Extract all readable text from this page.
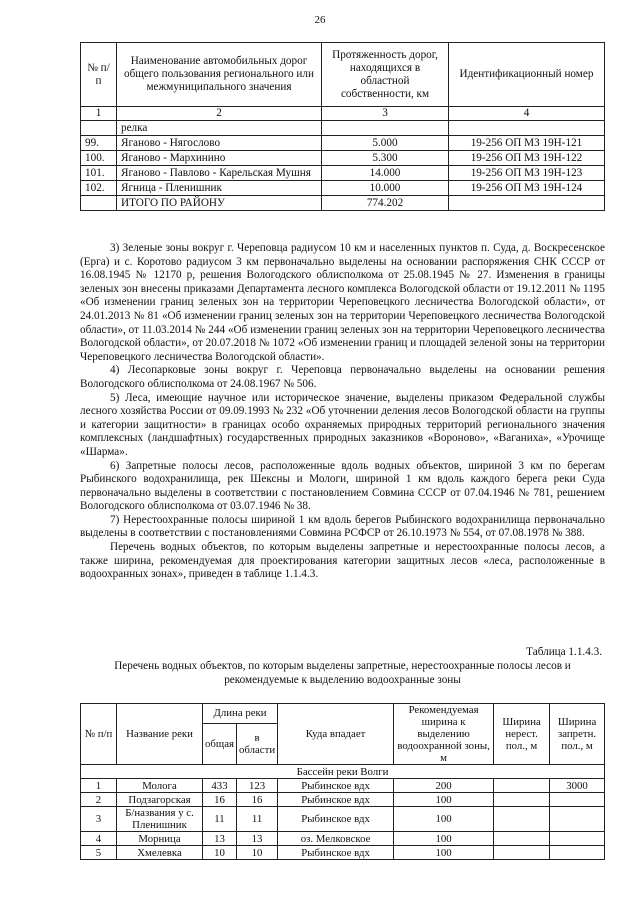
26
№ п/п	Наименование автомобильных дорог общего пользования регионального или межмуниципального значения	Протяженность дорог, находящихся в областной собственности, км	Идентификационный номер
1	2	3	4
	релка		
99.	Яганово - Нягослово	5.000	19-256 ОП МЗ 19Н-121
100.	Яганово - Мархинино	5.300	19-256 ОП МЗ 19Н-122
101.	Яганово - Павлово - Карельская Мушня	14.000	19-256 ОП МЗ 19Н-123
102.	Ягница - Пленишник	10.000	19-256 ОП МЗ 19Н-124
	ИТОГО ПО РАЙОНУ	774.202	

3) Зеленые зоны вокруг г. Череповца радиусом 10 км и населенных пунктов п. Суда, д. Воскресенское (Ерга) и с. Коротово радиусом 3 км первоначально выделены на основании распоряжения СНК СССР от 16.08.1945 № 12170 р, решения Вологодского облисполкома от 25.08.1945 № 27. Изменения в границы зеленых зон внесены приказами Департамента лесного комплекса Вологодской области от 19.12.2011 № 1195 «Об изменении границ зеленых зон на территории Череповецкого лесничества Вологодской области», от 24.01.2013 № 81 «Об изменении границ зеленых зон на территории Череповецкого лесничества Вологодской области», от 11.03.2014 № 244 «Об изменении границ зеленых зон на территории Череповецкого лесничества Вологодской области», от 20.07.2018 № 1072 «Об изменении границ и площадей зеленой зоны на территории Череповецкого лесничества Вологодской области».

4) Лесопарковые зоны вокруг г. Череповца первоначально выделены на основании решения Вологодского облисполкома от 24.08.1967 № 506.

5) Леса, имеющие научное или историческое значение, выделены приказом Федеральной службы лесного хозяйства России от 09.09.1993 № 232 «Об уточнении деления лесов Вологодской области на группы и категории защитности» в границах особо охраняемых природных территорий регионального значения комплексных (ландшафтных) государственных природных заказников «Вороново», «Ваганиха», «Урочище «Шарма».

6) Запретные полосы лесов, расположенные вдоль водных объектов, шириной 3 км по берегам Рыбинского водохранилища, рек Шексны и Мологи, шириной 1 км вдоль каждого берега реки Суда первоначально выделены в соответствии с постановлением Совмина СССР от 07.04.1946 № 781, решением Вологодского облисполкома от 03.07.1946 № 38.

7) Нерестоохранные полосы шириной 1 км вдоль берегов Рыбинского водохранилища первоначально выделены в соответствии с постановлениями Совмина РСФСР от 26.10.1973 № 554, от 07.08.1978 № 388.

Перечень водных объектов, по которым выделены запретные и нерестоохранные полосы лесов, а также ширина, рекомендуемая для проектирования категории защитных лесов «леса, расположенные в водоохранных зонах», приведен в таблице 1.1.4.3.

Таблица 1.1.4.3.
Перечень водных объектов, по которым выделены запретные, нерестоохранные полосы лесов и рекомендуемые к выделению водоохранные зоны
№ п/п	Название реки	Длина реки		Куда впадает	Рекомендуемая ширина к выделению водоохранной зоны, м	Ширина нерест. пол., м	Ширина запретн. пол., м
		общая	в области				
Бассейн реки Волги							
1	Молога	433	123	Рыбинское вдх	200		3000
2	Подзагорская	16	16	Рыбинское вдх	100		
3	Б/названия у с. Пленишник	11	11	Рыбинское вдх	100		
4	Морница	13	13	оз. Мелковское	100		
5	Хмелевка	10	10	Рыбинское вдх	100		
